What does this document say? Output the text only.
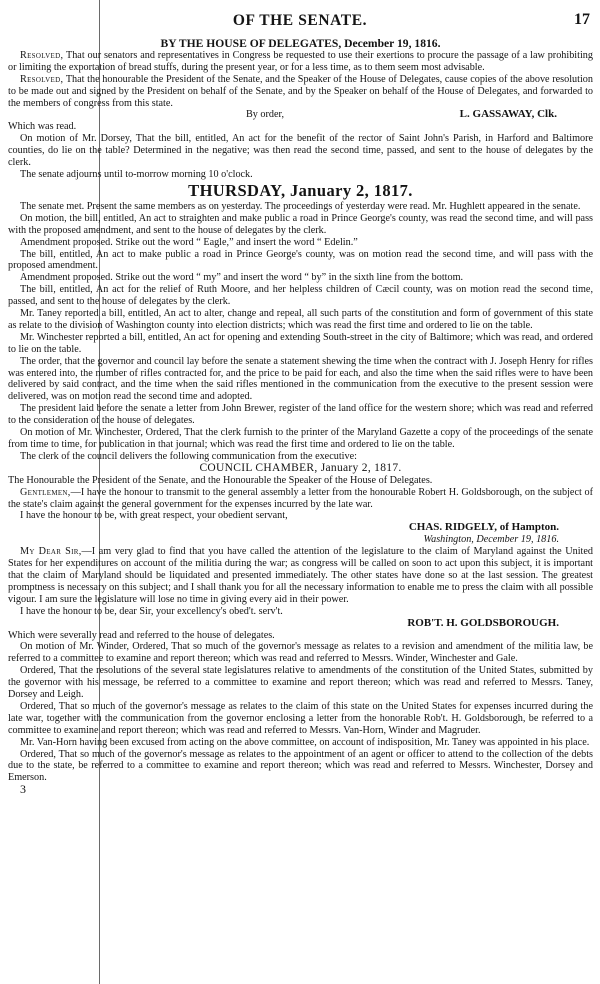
OF THE SENATE.	17

BY THE HOUSE OF DELEGATES, December 19, 1816.

Resolved, That our senators and representatives in Congress be requested to use their exertions to procure the passage of a law prohibiting or limiting the exportation of bread stuffs, during the present year, or for a less time, as to them seem most advisable.

Resolved, That the honourable the President of the Senate, and the Speaker of the House of Delegates, cause copies of the above resolution to be made out and signed by the President on behalf of the Senate, and by the Speaker on behalf of the House of Delegates, and forwarded to the members of congress from this state.

By order,	L. GASSAWAY, Clk.

Which was read.

On motion of Mr. Dorsey, That the bill, entitled, An act for the benefit of the rector of Saint John's Parish, in Harford and Baltimore counties, do lie on the table? Determined in the negative; was then read the second time, passed, and sent to the house of delegates by the clerk.

The senate adjourns until to-morrow morning 10 o'clock.

THURSDAY, January 2, 1817.

The senate met. Present the same members as on yesterday. The proceedings of yesterday were read. Mr. Hughlett appeared in the senate.

On motion, the bill, entitled, An act to straighten and make public a road in Prince George's county, was read the second time, and will pass with the proposed amendment, and sent to the house of delegates by the clerk.

Amendment proposed. Strike out the word “ Eagle,” and insert the word “ Edelin.”

The bill, entitled, An act to make public a road in Prince George's county, was on motion read the second time, and will pass with the proposed amendment.

Amendment proposed. Strike out the word “ my” and insert the word “ by” in the sixth line from the bottom.

The bill, entitled, An act for the relief of Ruth Moore, and her helpless children of Cæcil county, was on motion read the second time, passed, and sent to the house of delegates by the clerk.

Mr. Taney reported a bill, entitled, An act to alter, change and repeal, all such parts of the constitution and form of government of this state as relate to the division of Washington county into election districts; which was read the first time and ordered to lie on the table.

Mr. Winchester reported a bill, entitled, An act for opening and extending South-street in the city of Baltimore; which was read, and ordered to lie on the table.

The order, that the governor and council lay before the senate a statement shewing the time when the contract with J. Joseph Henry for rifles was entered into, the number of rifles contracted for, and the price to be paid for each, and also the time when the said rifles were to have been delivered by said contract, and the time when the said rifles mentioned in the communication from the executive to the present session were delivered, was on motion read the second time and adopted.

The president laid before the senate a letter from John Brewer, register of the land office for the western shore; which was read and referred to the consideration of the house of delegates.

On motion of Mr. Winchester, Ordered, That the clerk furnish to the printer of the Maryland Gazette a copy of the proceedings of the senate from time to time, for publication in that journal; which was read the first time and ordered to lie on the table.

The clerk of the council delivers the following communication from the executive:

COUNCIL CHAMBER, January 2, 1817.

The Honourable the President of the Senate, and the Honourable the Speaker of the House of Delegates.

Gentlemen,—I have the honour to transmit to the general assembly a letter from the honourable Robert H. Goldsborough, on the subject of the state's claim against the general government for the expenses incurred by the late war.

I have the honour to be, with great respect, your obedient servant,

CHAS. RIDGELY, of Hampton.

Washington, December 19, 1816.

My Dear Sir,—I am very glad to find that you have called the attention of the legislature to the claim of Maryland against the United States for her expenditures on account of the militia during the war; as congress will be called on soon to act upon this subject, it is important that the claim of Maryland should be liquidated and presented immediately. The other states have done so at the last session. The greatest promptness is necessary on this subject; and I shall thank you for all the necessary information to enable me to press the claim with all possible vigour. I am sure the legislature will lose no time in giving every aid in their power.

I have the honour to be, dear Sir, your excellency's obed't. serv't.

ROB'T. H. GOLDSBOROUGH.

Which were severally read and referred to the house of delegates.

On motion of Mr. Winder, Ordered, That so much of the governor's message as relates to a revision and amendment of the militia law, be referred to a committee to examine and report thereon; which was read and referred to Messrs. Winder, Winchester and Gale.

Ordered, That the resolutions of the several state legislatures relative to amendments of the constitution of the United States, submitted by the governor with his message, be referred to a committee to examine and report thereon; which was read and referred to Messrs. Taney, Dorsey and Leigh.

Ordered, That so much of the governor's message as relates to the claim of this state on the United States for expenses incurred during the late war, together with the communication from the governor enclosing a letter from the honorable Rob't. H. Goldsborough, be referred to a committee to examine and report thereon; which was read and referred to Messrs. Van-Horn, Winder and Magruder.

Mr. Van-Horn having been excused from acting on the above committee, on account of indisposition, Mr. Taney was appointed in his place.

Ordered, That so much of the governor's message as relates to the appointment of an agent or officer to attend to the collection of the debts due to the state, be referred to a committee to examine and report thereon; which was read and referred to Messrs. Winchester, Dorsey and Emerson.

3
